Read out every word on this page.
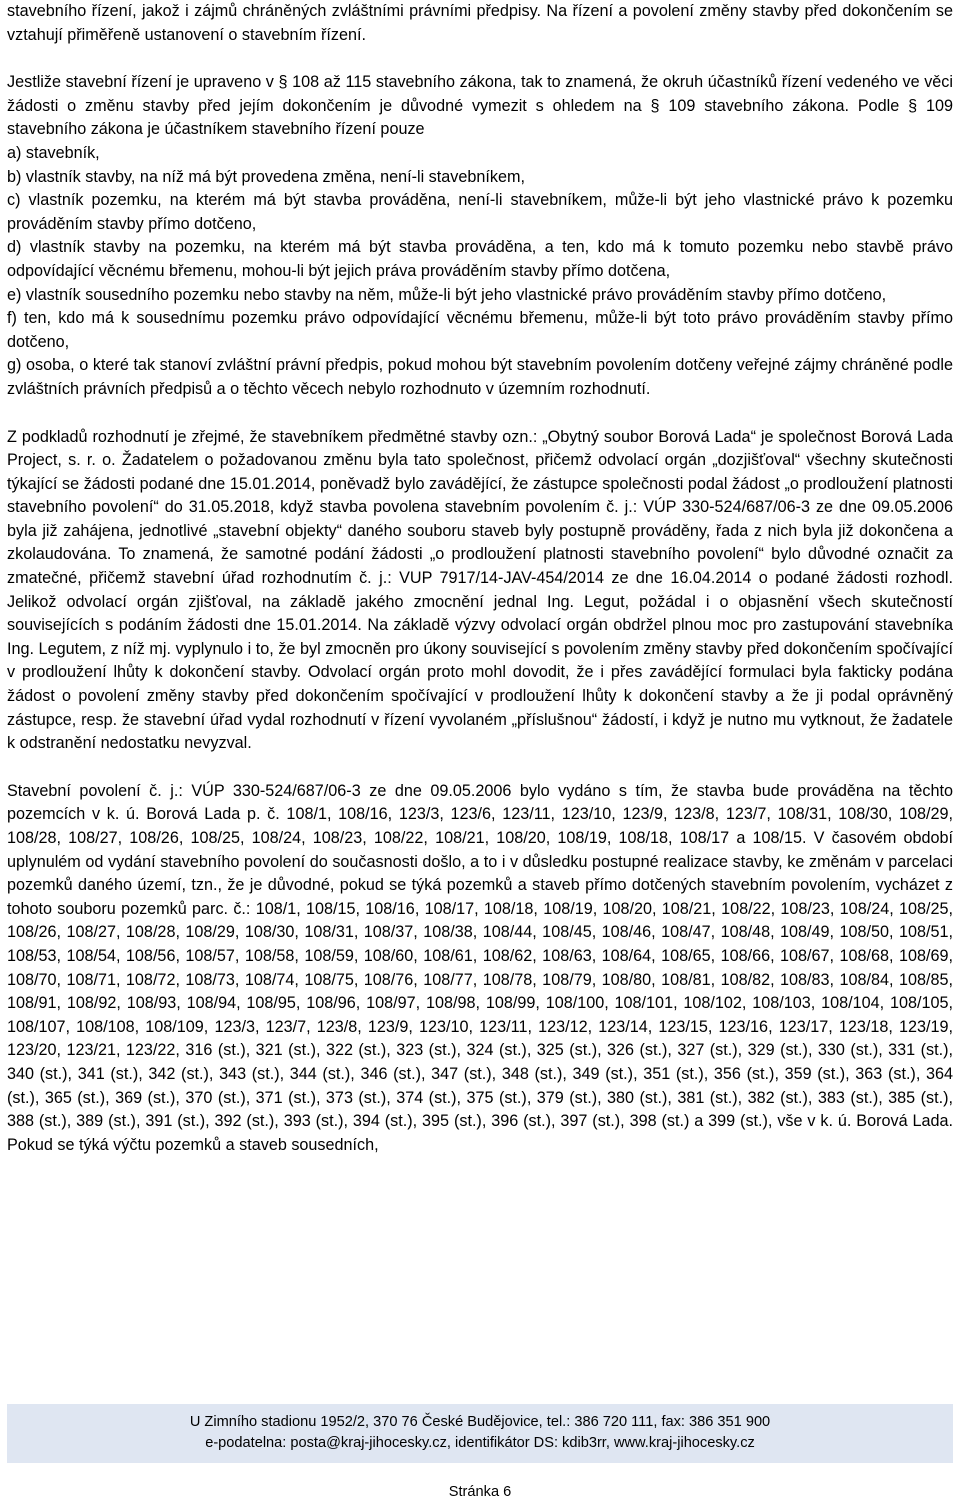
stavebního řízení, jakož i zájmů chráněných zvláštními právními předpisy. Na řízení a povolení změny stavby před dokončením se vztahují přiměřeně ustanovení o stavebním řízení.

Jestliže stavební řízení je upraveno v § 108 až 115 stavebního zákona, tak to znamená, že okruh účastníků řízení vedeného ve věci žádosti o změnu stavby před jejím dokončením je důvodné vymezit s ohledem na § 109 stavebního zákona. Podle § 109 stavebního zákona je účastníkem stavebního řízení pouze

a) stavebník,

b) vlastník stavby, na níž má být provedena změna, není-li stavebníkem,

c) vlastník pozemku, na kterém má být stavba prováděna, není-li stavebníkem, může-li být jeho vlastnické právo k pozemku prováděním stavby přímo dotčeno,

d) vlastník stavby na pozemku, na kterém má být stavba prováděna, a ten, kdo má k tomuto pozemku nebo stavbě právo odpovídající věcnému břemenu, mohou-li být jejich práva prováděním stavby přímo dotčena,

e) vlastník sousedního pozemku nebo stavby na něm, může-li být jeho vlastnické právo prováděním stavby přímo dotčeno,

f) ten, kdo má k sousednímu pozemku právo odpovídající věcnému břemenu, může-li být toto právo prováděním stavby přímo dotčeno,

g) osoba, o které tak stanoví zvláštní právní předpis, pokud mohou být stavebním povolením dotčeny veřejné zájmy chráněné podle zvláštních právních předpisů a o těchto věcech nebylo rozhodnuto v územním rozhodnutí.

Z podkladů rozhodnutí je zřejmé, že stavebníkem předmětné stavby ozn.: „Obytný soubor Borová Lada“ je společnost Borová Lada Project, s. r. o. Žadatelem o požadovanou změnu byla tato společnost, přičemž odvolací orgán „dozjišťoval“ všechny skutečnosti týkající se žádosti podané dne 15.01.2014, poněvadž bylo zavádějící, že zástupce společnosti podal žádost „o prodloužení platnosti stavebního povolení“ do 31.05.2018, když stavba povolena stavebním povolením č. j.: VÚP 330-524/687/06-3 ze dne 09.05.2006 byla již zahájena, jednotlivé „stavební objekty“ daného souboru staveb byly postupně prováděny, řada z nich byla již dokončena a zkolaudována. To znamená, že samotné podání žádosti „o prodloužení platnosti stavebního povolení“ bylo důvodné označit za zmatečné, přičemž stavební úřad rozhodnutím č. j.: VUP 7917/14-JAV-454/2014 ze dne 16.04.2014 o podané žádosti rozhodl. Jelikož odvolací orgán zjišťoval, na základě jakého zmocnění jednal Ing. Legut, požádal i o objasnění všech skutečností souvisejících s podáním žádosti dne 15.01.2014. Na základě výzvy odvolací orgán obdržel plnou moc pro zastupování stavebníka Ing. Legutem, z níž mj. vyplynulo i to, že byl zmocněn pro úkony související s povolením změny stavby před dokončením spočívající v prodloužení lhůty k dokončení stavby. Odvolací orgán proto mohl dovodit, že i přes zavádějící formulaci byla fakticky podána žádost o povolení změny stavby před dokončením spočívající v prodloužení lhůty k dokončení stavby a že ji podal oprávněný zástupce, resp. že stavební úřad vydal rozhodnutí v řízení vyvolaném „příslušnou“ žádostí, i když je nutno mu vytknout, že žadatele k odstranění nedostatku nevyzval.

Stavební povolení č. j.: VÚP 330-524/687/06-3 ze dne 09.05.2006 bylo vydáno s tím, že stavba bude prováděna na těchto pozemcích v k. ú. Borová Lada p. č. 108/1, 108/16, 123/3, 123/6, 123/11, 123/10, 123/9, 123/8, 123/7, 108/31, 108/30, 108/29, 108/28, 108/27, 108/26, 108/25, 108/24, 108/23, 108/22, 108/21, 108/20, 108/19, 108/18, 108/17 a 108/15. V časovém období uplynulém od vydání stavebního povolení do současnosti došlo, a to i v důsledku postupné realizace stavby, ke změnám v parcelaci pozemků daného území, tzn., že je důvodné, pokud se týká pozemků a staveb přímo dotčených stavebním povolením, vycházet z tohoto souboru pozemků parc. č.: 108/1, 108/15, 108/16, 108/17, 108/18, 108/19, 108/20, 108/21, 108/22, 108/23, 108/24, 108/25, 108/26, 108/27, 108/28, 108/29, 108/30, 108/31, 108/37, 108/38, 108/44, 108/45, 108/46, 108/47, 108/48, 108/49, 108/50, 108/51, 108/53, 108/54, 108/56, 108/57, 108/58, 108/59, 108/60, 108/61, 108/62, 108/63, 108/64, 108/65, 108/66, 108/67, 108/68, 108/69, 108/70, 108/71, 108/72, 108/73, 108/74, 108/75, 108/76, 108/77, 108/78, 108/79, 108/80, 108/81, 108/82, 108/83, 108/84, 108/85, 108/91, 108/92, 108/93, 108/94, 108/95, 108/96, 108/97, 108/98, 108/99, 108/100, 108/101, 108/102, 108/103, 108/104, 108/105, 108/107, 108/108, 108/109, 123/3, 123/7, 123/8, 123/9, 123/10, 123/11, 123/12, 123/14, 123/15, 123/16, 123/17, 123/18, 123/19, 123/20, 123/21, 123/22, 316 (st.), 321 (st.), 322 (st.), 323 (st.), 324 (st.), 325 (st.), 326 (st.), 327 (st.), 329 (st.), 330 (st.), 331 (st.), 340 (st.), 341 (st.), 342 (st.), 343 (st.), 344 (st.), 346 (st.), 347 (st.), 348 (st.), 349 (st.), 351 (st.), 356 (st.), 359 (st.), 363 (st.), 364 (st.), 365 (st.), 369 (st.), 370 (st.), 371 (st.), 373 (st.), 374 (st.), 375 (st.), 379 (st.), 380 (st.), 381 (st.), 382 (st.), 383 (st.), 385 (st.), 388 (st.), 389 (st.), 391 (st.), 392 (st.), 393 (st.), 394 (st.), 395 (st.), 396 (st.), 397 (st.), 398 (st.) a 399 (st.), vše v k. ú. Borová Lada. Pokud se týká výčtu pozemků a staveb sousedních,

U Zimního stadionu 1952/2, 370 76 České Budějovice, tel.: 386 720 111, fax: 386 351 900
e-podatelna: posta@kraj-jihocesky.cz, identifikátor DS: kdib3rr, www.kraj-jihocesky.cz
Stránka 6
